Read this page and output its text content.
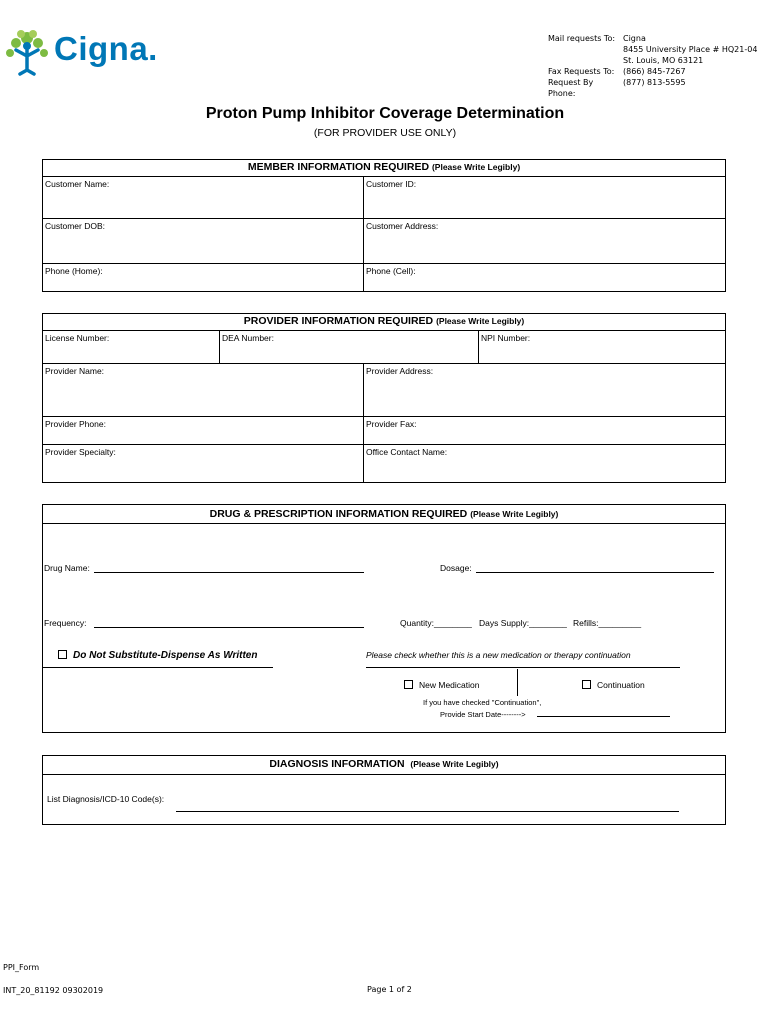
Cigna.	Mail requests To: Cigna
8455 University Place # HQ21-04
St. Louis, MO 63121
Fax Requests To:	(866) 845-7267
Request By Phone:
(877) 813-5595
Proton Pump Inhibitor Coverage Determination
(FOR PROVIDER USE ONLY)
MEMBER INFORMATION REQUIRED (Please Write Legibly)
Customer Name:	Customer ID:
Customer DOB:	Customer Address:
Phone (Home):	Phone (Cell):
PROVIDER INFORMATION REQUIRED (Please Write Legibly)
License Number:	DEA Number:	NPI Number:
Provider Name:	Provider Address:
Provider Phone:	Provider Fax:
Provider Specialty:	Office Contact Name:
DRUG & PRESCRIPTION INFORMATION REQUIRED (Please Write Legibly)
Drug Name:	Dosage:
Frequency:	Quantity:________ Days Supply:________ Refills:_________
Do Not Substitute-Dispense As Written	Please check whether this is a new medication or therapy continuation
New Medication	Continuation
If you have checked "Continuation",
Provide Start Date-------->
DIAGNOSIS INFORMATION (Please Write Legibly)
List Diagnosis/ICD-10 Code(s):
PPI_Form
INT_20_81192 09302019	Page 1 of 2
